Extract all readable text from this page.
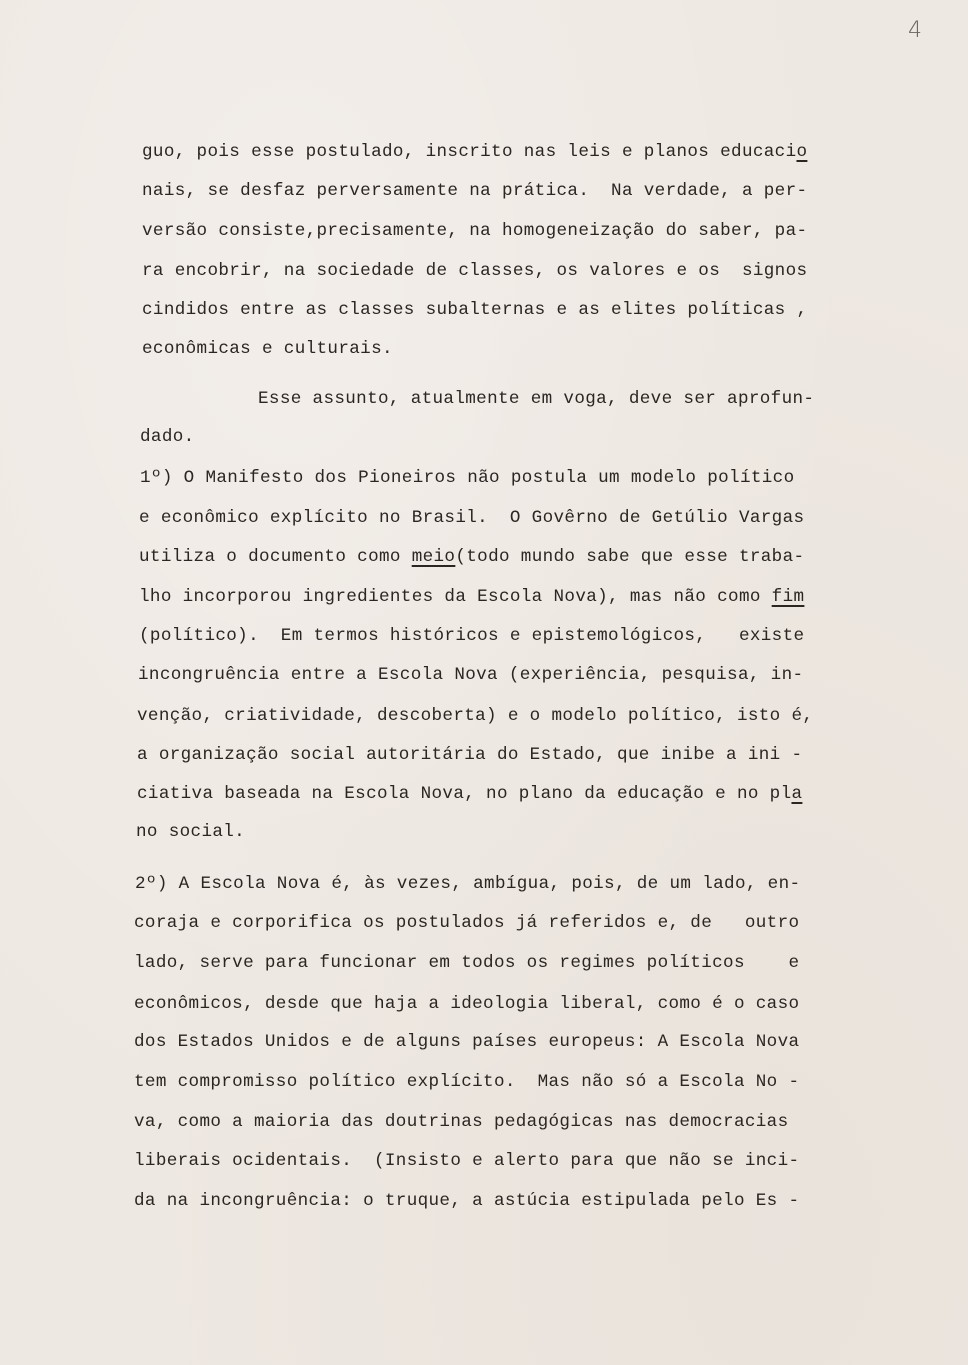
4
guo, pois esse postulado, inscrito nas leis e planos educacio
nais, se desfaz perversamente na prática.  Na verdade, a per-
versão consiste,precisamente, na homogeneização do saber, pa-
ra encobrir, na sociedade de classes, os valores e os  signos
cindidos entre as classes subalternas e as elites políticas ,
econômicas e culturais.
Esse assunto, atualmente em voga, deve ser aprofun-
dado.
1º) O Manifesto dos Pioneiros não postula um modelo político
e econômico explícito no Brasil.  O Govêrno de Getúlio Vargas
utiliza o documento como meio(todo mundo sabe que esse traba-
lho incorporou ingredientes da Escola Nova), mas não como fim
(político).  Em termos históricos e epistemológicos,   existe
incongruência entre a Escola Nova (experiência, pesquisa, in-
venção, criatividade, descoberta) e o modelo político, isto é,
a organização social autoritária do Estado, que inibe a ini -
ciativa baseada na Escola Nova, no plano da educação e no pla
no social.
2º) A Escola Nova é, às vezes, ambígua, pois, de um lado, en-
coraja e corporifica os postulados já referidos e, de   outro
lado, serve para funcionar em todos os regimes políticos    e
econômicos, desde que haja a ideologia liberal, como é o caso
dos Estados Unidos e de alguns países europeus: A Escola Nova
tem compromisso político explícito.  Mas não só a Escola No -
va, como a maioria das doutrinas pedagógicas nas democracias
liberais ocidentais.  (Insisto e alerto para que não se inci-
da na incongruência: o truque, a astúcia estipulada pelo Es -
